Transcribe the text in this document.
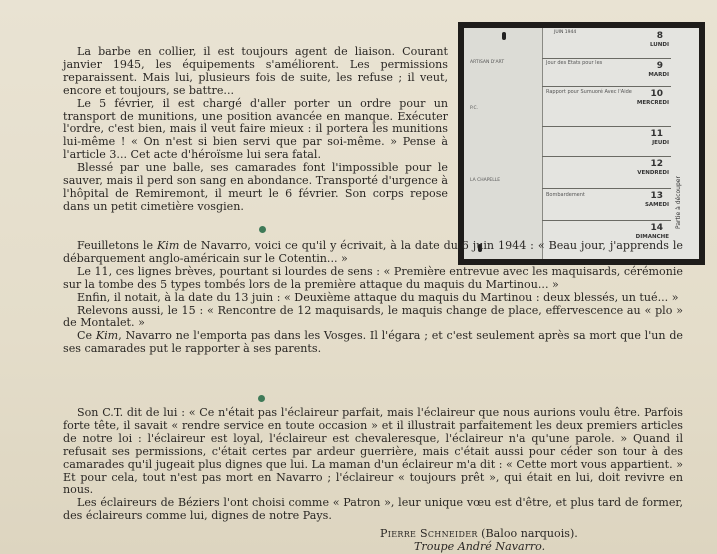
La barbe en collier, il est toujours agent de liaison. Courant janvier 1945, les équipements s'améliorent. Les permissions reparaissent. Mais lui, plusieurs fois de suite, les refuse ; il veut, encore et toujours, se battre...

Le 5 février, il est chargé d'aller porter un ordre pour un transport de munitions, une position avancée en manque. Exécuter l'ordre, c'est bien, mais il veut faire mieux : il portera les munitions lui-même ! « On n'est si bien servi que par soi-même. » Pense à l'article 3... Cet acte d'héroïsme lui sera fatal.

Blessé par une balle, ses camarades font l'impossible pour le sauver, mais il perd son sang en abondance. Transporté d'urgence à l'hôpital de Remiremont, il meurt le 6 février. Son corps repose dans un petit cimetière vosgien.

JUIN 1944
ARTISAN D'ART
P.C.
LA CHAPELLE
8
LUNDI
9
MARDI
Jour des Etats pour les
10
MERCREDI
Rapport pour Sumuoré Avec l'Aide
11
JEUDI
12
VENDREDI
13
SAMEDI
Bombardement
14
DIMANCHE
Partie à découper

Feuilletons le Kim de Navarro, voici ce qu'il y écrivait, à la date du 6 juin 1944 : « Beau jour, j'apprends le débarquement anglo-américain sur le Cotentin... »

Le 11, ces lignes brèves, pourtant si lourdes de sens : « Première entrevue avec les maquisards, cérémonie sur la tombe des 5 types tombés lors de la première attaque du maquis du Martinou... »

Enfin, il notait, à la date du 13 juin : « Deuxième attaque du maquis du Martinou : deux blessés, un tué... »

Relevons aussi, le 15 : « Rencontre de 12 maquisards, le maquis change de place, effervescence au « plo » de Montalet. »

Ce Kim, Navarro ne l'emporta pas dans les Vosges. Il l'égara ; et c'est seulement après sa mort que l'un de ses camarades put le rapporter à ses parents.

Son C.T. dit de lui : « Ce n'était pas l'éclaireur parfait, mais l'éclaireur que nous aurions voulu être. Parfois forte tête, il savait « rendre service en toute occasion » et il illustrait parfaitement les deux premiers articles de notre loi : l'éclaireur est loyal, l'éclaireur est chevaleresque, l'éclaireur n'a qu'une parole. » Quand il refusait ses permissions, c'était certes par ardeur guerrière, mais c'était aussi pour céder son tour à des camarades qu'il jugeait plus dignes que lui. La maman d'un éclaireur m'a dit : « Cette mort vous appartient. » Et pour cela, tout n'est pas mort en Navarro ; l'éclaireur « toujours prêt », qui était en lui, doit revivre en nous.

Les éclaireurs de Béziers l'ont choisi comme « Patron », leur unique vœu est d'être, et plus tard de former, des éclaireurs comme lui, dignes de notre Pays.

Pierre Schneider (Baloo narquois).
Troupe André Navarro.
